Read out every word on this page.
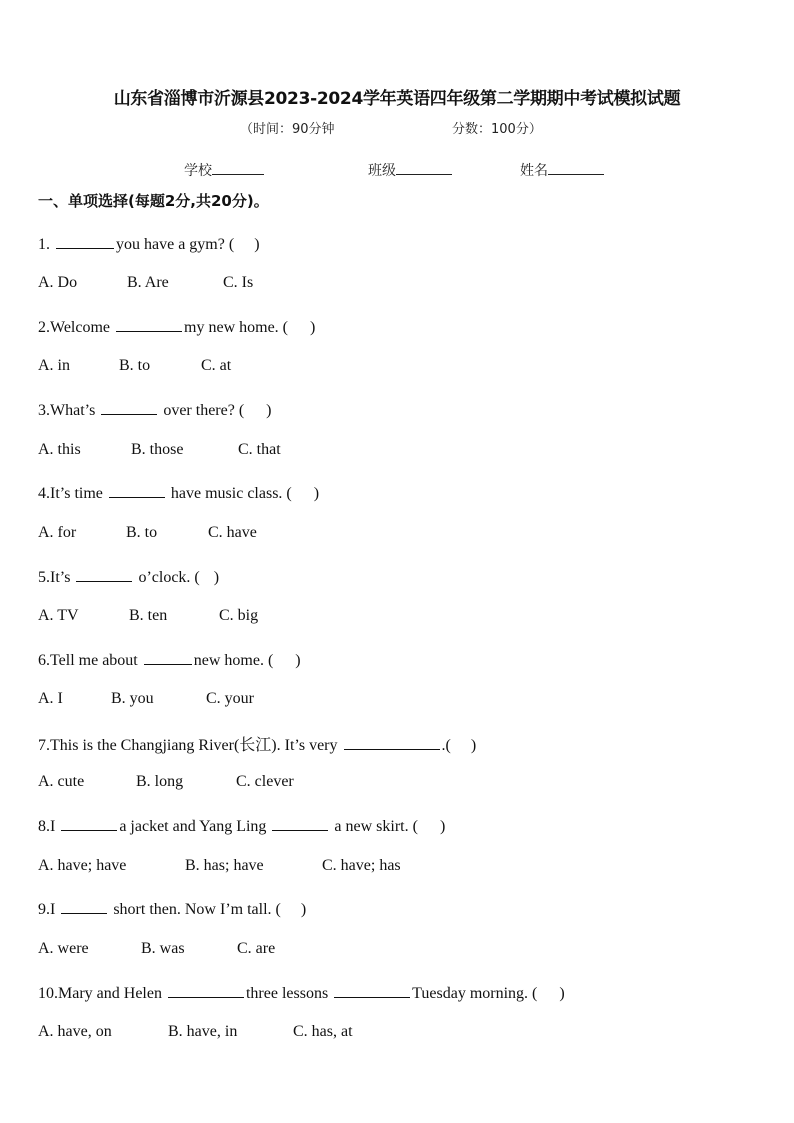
山东省淄博市沂源县2023-2024学年英语四年级第二学期期中考试模拟试题
（时间：90分钟	分数：100分）
学校	班级	姓名
一、单项选择(每题2分,共20分)。
1.	you have a gym? ( )
A. Do	B. Are	C. Is
2.Welcome	my new home. ( )
A. in	B. to	C. at
3.What’s	over there? ( )
A. this	B. those	C. that
4.It’s time	have music class. ( )
A. for	B. to	C. have
5.It’s	o’clock. ( )
A. TV	B. ten	C. big
6.Tell me about	new home. ( )
A. I	B. you	C. your
7.This is the Changjiang River(长江). It’s very	.( )
A. cute	B. long	C. clever
8.I	a jacket and Yang Ling	a new skirt. ( )
A. have; have	B. has; have	C. have; has
9.I	short then. Now I’m tall. ( )
A. were	B. was	C. are
10.Mary and Helen	three lessons	Tuesday morning. ( )
A. have, on	B. have, in	C. has, at
